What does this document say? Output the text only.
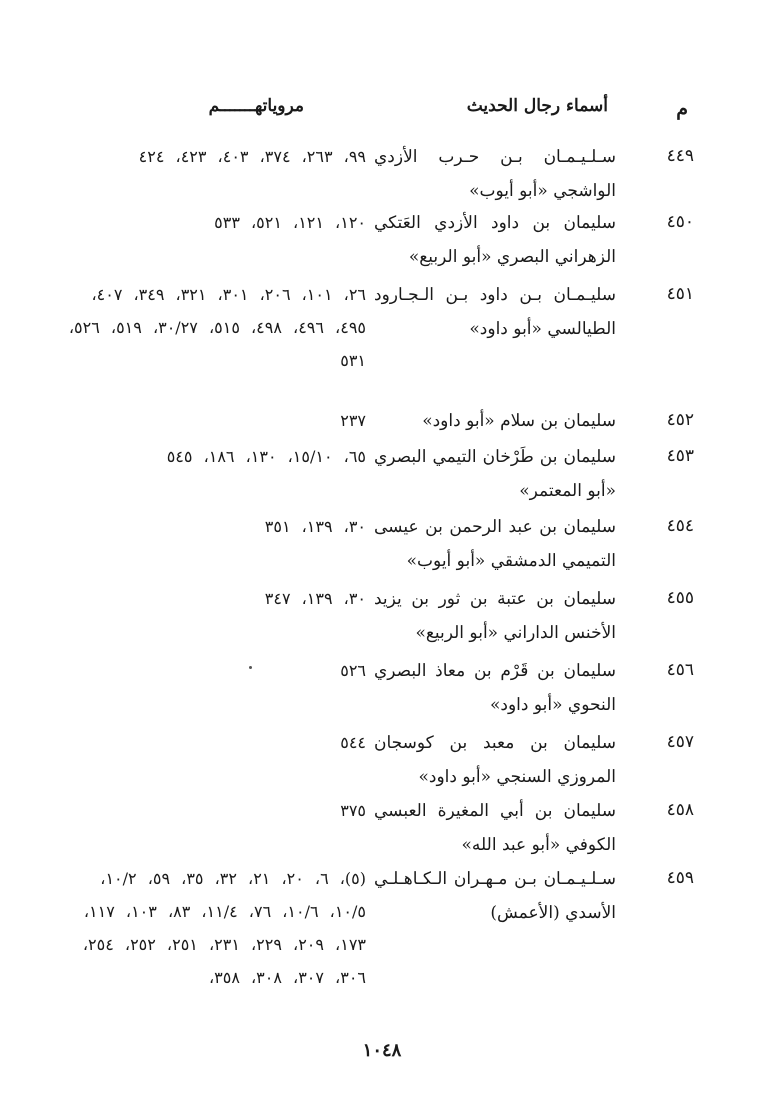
م
أسماء رجال الحديث
مروياتهـــــــم
٤٤٩
سـلـيـمـان بـن حـرب الأزدي الواشجي «أبو أيوب»
٩٩، ٢٦٣، ٣٧٤، ٤٠٣، ٤٢٣، ٤٢٤
٤٥٠
سليمان بن داود الأزدي العَتكي الزهراني البصري «أبو الربيع»
١٢٠، ١٢١، ٥٢١، ٥٣٣
٤٥١
سليـمـان بـن داود بـن الـجـارود الطيالسي «أبو داود»
٢٦، ١٠١، ٢٠٦، ٣٠١، ٣٢١، ٣٤٩، ٤٠٧، ٤٩٥، ٤٩٦، ٤٩٨، ٥١٥، ٣٠/٢٧، ٥١٩، ٥٢٦، ٥٣١
٤٥٢
سليمان بن سلام «أبو داود»
٢٣٧
٤٥٣
سليمان بن طَرْخان التيمي البصري «أبو المعتمر»
٦٥، ١٥/١٠، ١٣٠، ١٨٦، ٥٤٥
٤٥٤
سليمان بن عبد الرحمن بن عيسى التميمي الدمشقي «أبو أيوب»
٣٠، ١٣٩، ٣٥١
٤٥٥
سليمان بن عتبة بن ثور بن يزيد الأخنس الداراني «أبو الربيع»
٣٠، ١٣٩، ٣٤٧
٤٥٦
سليمان بن قَرْم بن معاذ البصري النحوي «أبو داود»
٥٢٦
٤٥٧
سليمان بن معبد بن كوسجان المروزي السنجي «أبو داود»
٥٤٤
٤٥٨
سليمان بن أبي المغيرة العبسي الكوفي «أبو عبد الله»
٣٧٥
٤٥٩
سـلـيـمـان بـن مـهـران الـكـاهـلـي الأسدي (الأعمش)
(٥)، ٦، ٢٠، ٢١، ٣٢، ٣٥، ٥٩، ١٠/٢، ١٠/٥، ١٠/٦، ٧٦، ١١/٤، ٨٣، ١٠٣، ١١٧، ١٧٣، ٢٠٩، ٢٢٩، ٢٣١، ٢٥١، ٢٥٢، ٢٥٤، ٣٠٦، ٣٠٧، ٣٠٨، ٣٥٨،
١٠٤٨
